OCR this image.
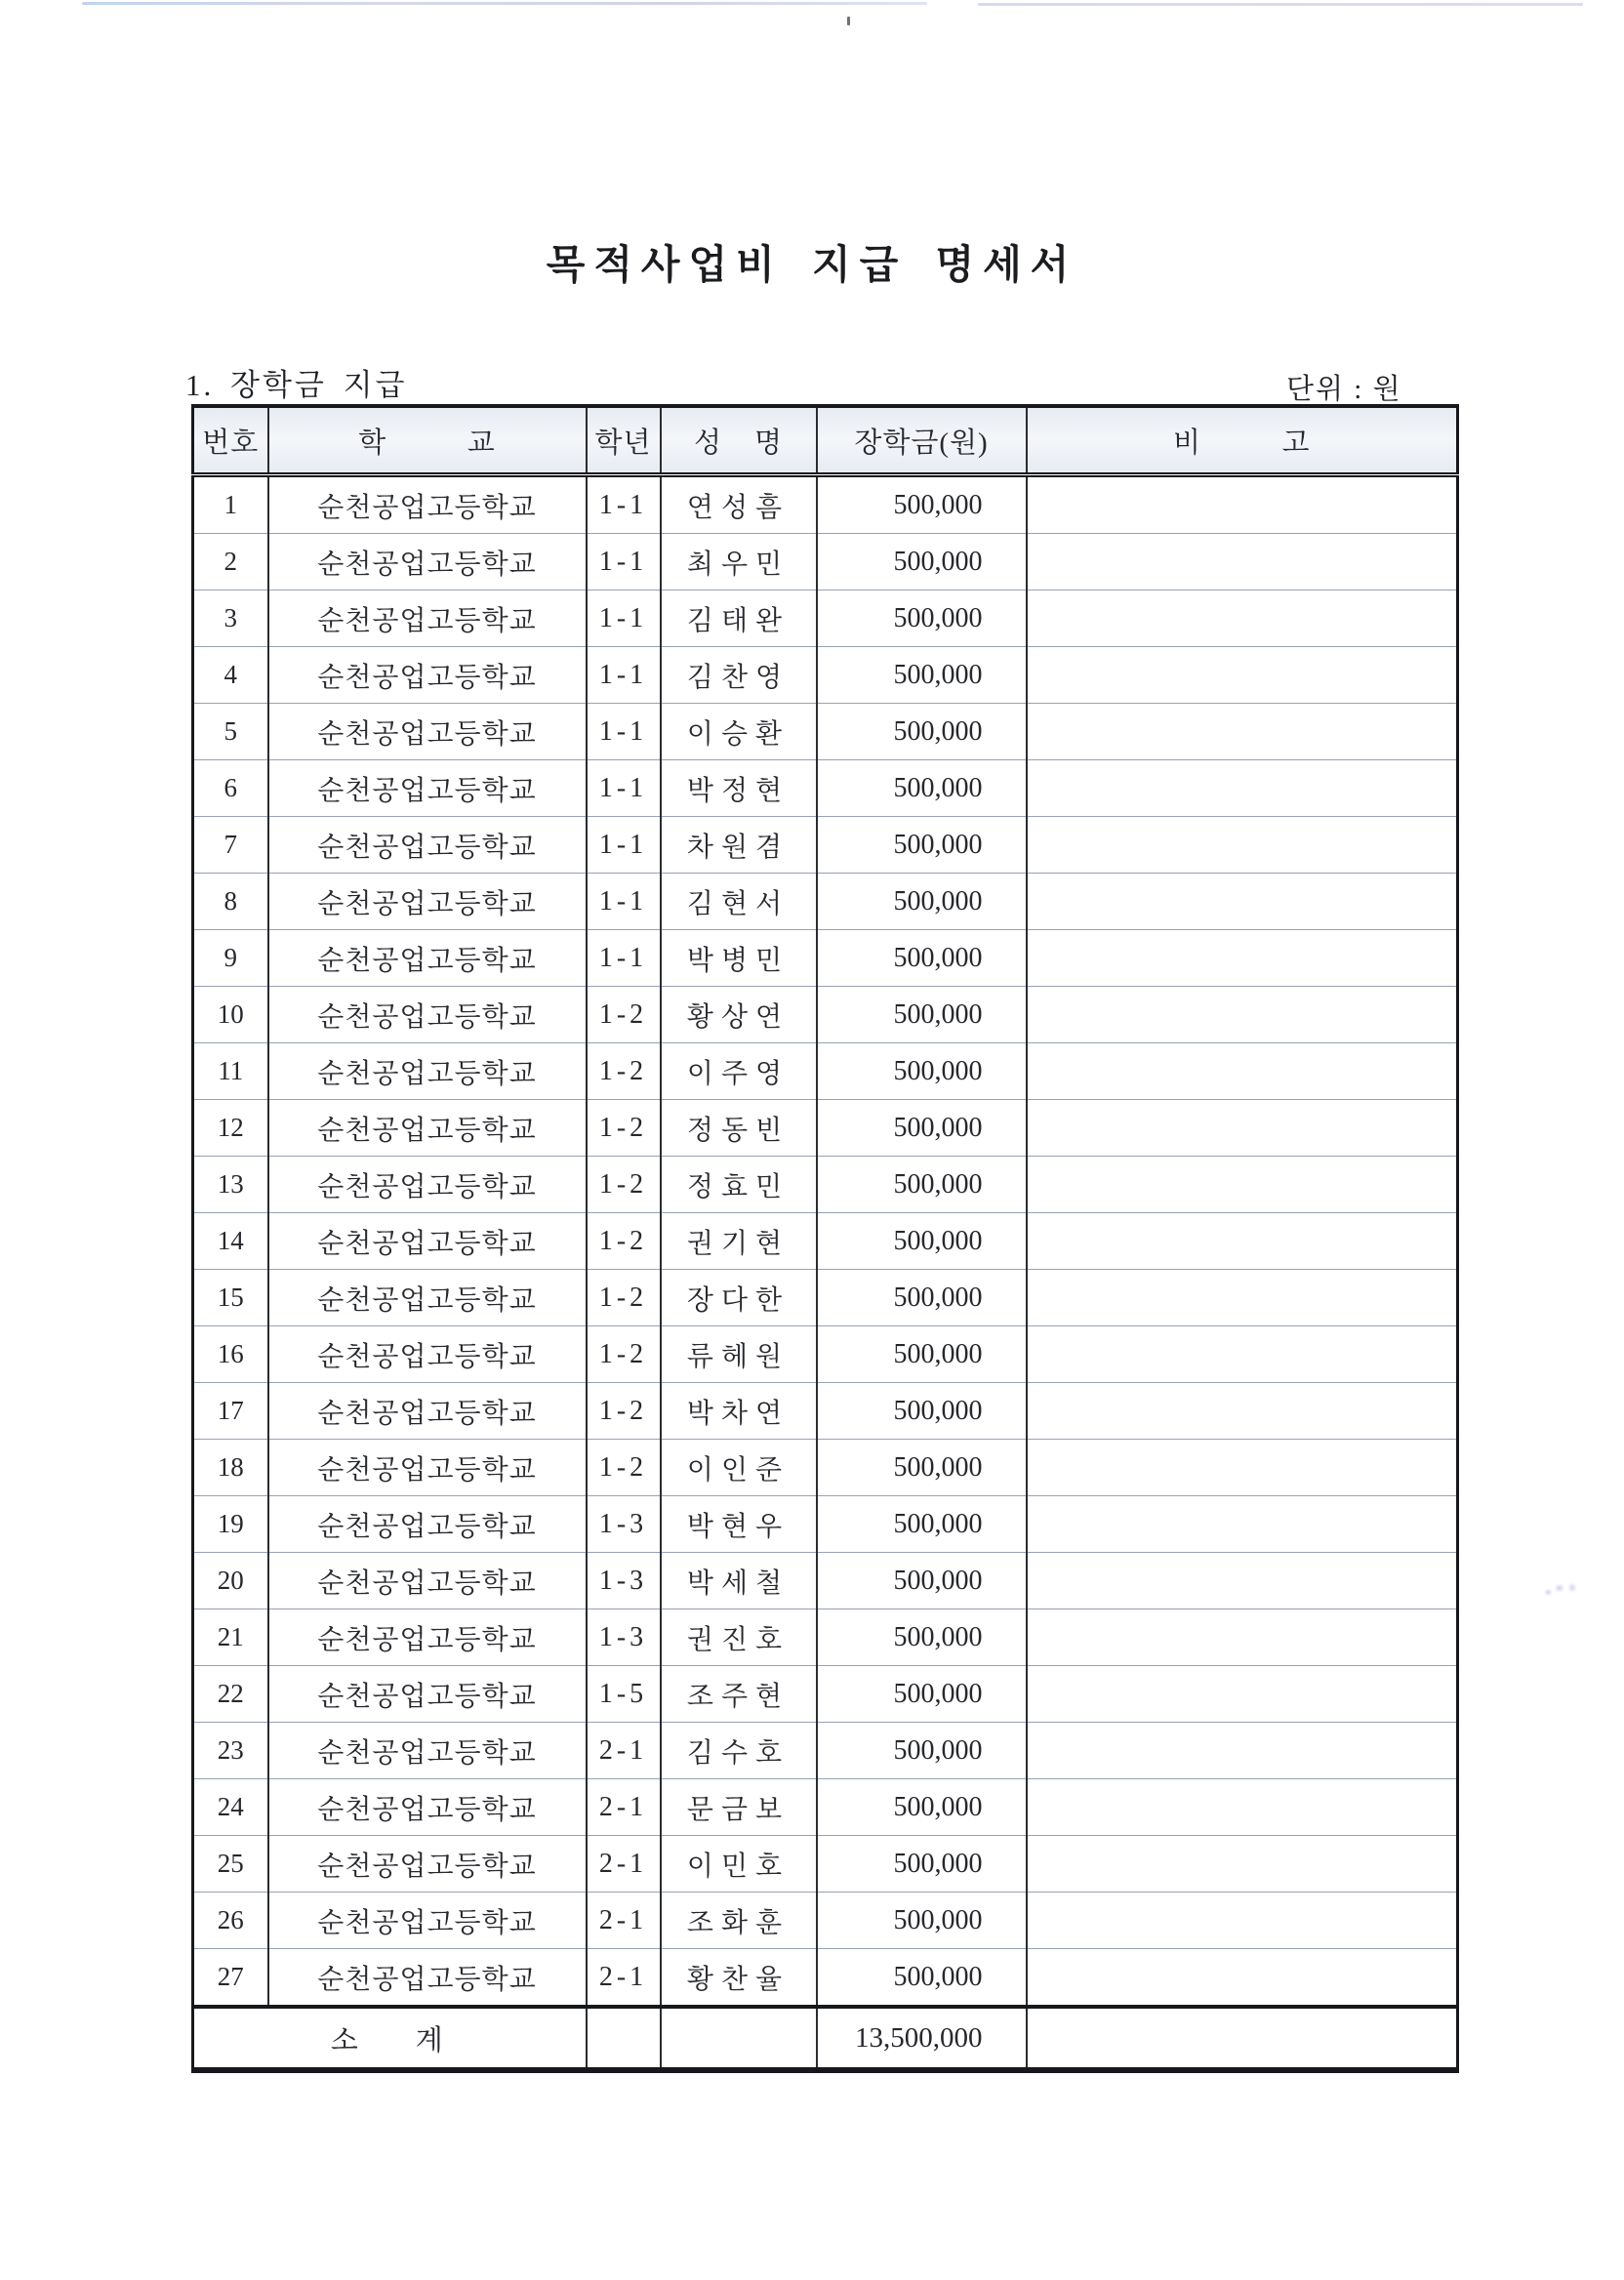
목적사업비 지급 명세서
1. 장학금 지급	단위 : 원
번호	학          교	학년	성    명	장학금(원)	비          고
1	순천공업고등학교	1-1	연성흠	500,000	
2	순천공업고등학교	1-1	최우민	500,000	
3	순천공업고등학교	1-1	김태완	500,000	
4	순천공업고등학교	1-1	김찬영	500,000	
5	순천공업고등학교	1-1	이승환	500,000	
6	순천공업고등학교	1-1	박정현	500,000	
7	순천공업고등학교	1-1	차원겸	500,000	
8	순천공업고등학교	1-1	김현서	500,000	
9	순천공업고등학교	1-1	박병민	500,000	
10	순천공업고등학교	1-2	황상연	500,000	
11	순천공업고등학교	1-2	이주영	500,000	
12	순천공업고등학교	1-2	정동빈	500,000	
13	순천공업고등학교	1-2	정효민	500,000	
14	순천공업고등학교	1-2	권기현	500,000	
15	순천공업고등학교	1-2	장다한	500,000	
16	순천공업고등학교	1-2	류헤원	500,000	
17	순천공업고등학교	1-2	박차연	500,000	
18	순천공업고등학교	1-2	이인준	500,000	
19	순천공업고등학교	1-3	박현우	500,000	
20	순천공업고등학교	1-3	박세철	500,000	
21	순천공업고등학교	1-3	권진호	500,000	
22	순천공업고등학교	1-5	조주현	500,000	
23	순천공업고등학교	2-1	김수호	500,000	
24	순천공업고등학교	2-1	문금보	500,000	
25	순천공업고등학교	2-1	이민호	500,000	
26	순천공업고등학교	2-1	조화훈	500,000	
27	순천공업고등학교	2-1	황찬율	500,000	
소    계				13,500,000	
